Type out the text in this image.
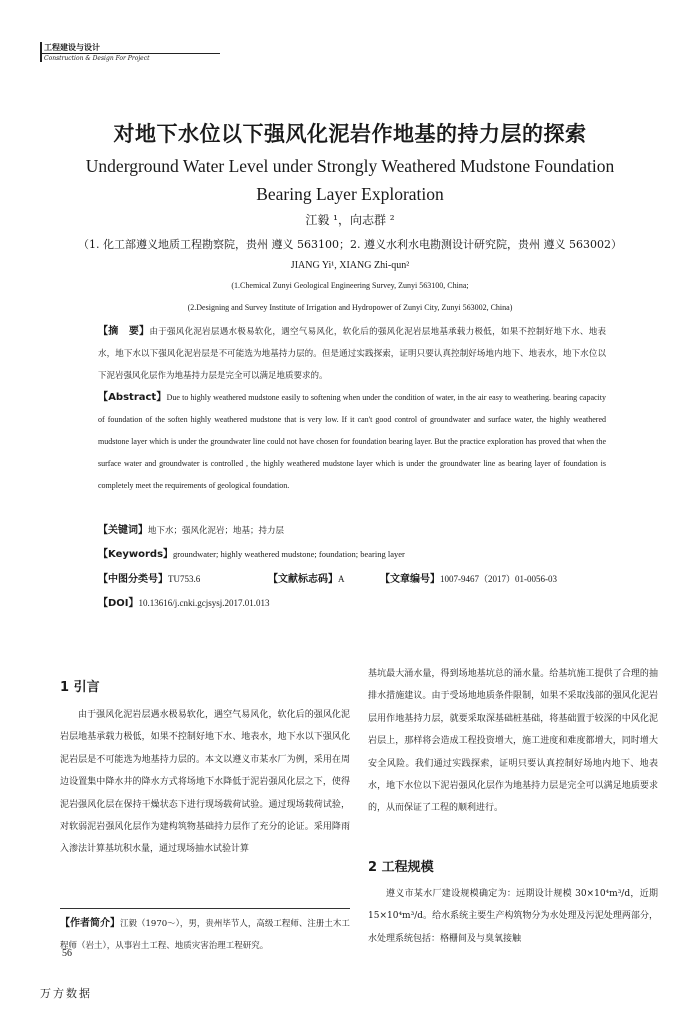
工程建设与设计
Construction & Design For Project
对地下水位以下强风化泥岩作地基的持力层的探索
Underground Water Level under Strongly Weathered Mudstone Foundation Bearing Layer Exploration
江毅 ¹，向志群 ²
（1. 化工部遵义地质工程勘察院，贵州 遵义 563100；2. 遵义水利水电勘测设计研究院，贵州 遵义 563002）
JIANG Yi¹, XIANG Zhi-qun²
(1.Chemical Zunyi Geological Engineering Survey, Zunyi 563100, China;
(2.Designing and Survey Institute of Irrigation and Hydropower of Zunyi City, Zunyi 563002, China)
【摘　要】由于强风化泥岩层遇水极易软化，遇空气易风化，软化后的强风化泥岩层地基承载力极低，如果不控制好地下水、地表水，地下水以下强风化泥岩层是不可能选为地基持力层的。但是通过实践探索，证明只要认真控制好场地内地下、地表水，地下水位以下泥岩强风化层作为地基持力层是完全可以满足地质要求的。
【Abstract】Due to highly weathered mudstone easily to softening when under the condition of water, in the air easy to weathering. bearing capacity of foundation of the soften highly weathered mudstone that is very low. If it can't good control of groundwater and surface water, the highly weathered mudstone layer which is under the groundwater line could not have chosen for foundation bearing layer. But the practice exploration has proved that when the surface water and groundwater is controlled , the highly weathered mudstone layer which is under the groundwater line as bearing layer of foundation is completely meet the requirements of geological foundation.
【关键词】地下水；强风化泥岩；地基；持力层
【Keywords】groundwater; highly weathered mudstone; foundation; bearing layer
【中图分类号】TU753.6	【文献标志码】A	【文章编号】1007-9467（2017）01-0056-03
【DOI】10.13616/j.cnki.gcjsysj.2017.01.013
1 引言
由于强风化泥岩层遇水极易软化，遇空气易风化，软化后的强风化泥岩层地基承载力极低，如果不控制好地下水、地表水，地下水以下强风化泥岩层是不可能选为地基持力层的。本文以遵义市某水厂为例，采用在周边设置集中降水井的降水方式将场地下水降低于泥岩强风化层之下，使得泥岩强风化层在保持干燥状态下进行现场载荷试验。通过现场载荷试验，对软弱泥岩强风化层作为建构筑物基础持力层作了充分的论证。采用降雨入渗法计算基坑积水量，通过现场抽水试验计算
【作者简介】江毅（1970～），男，贵州毕节人，高级工程师、注册土木工程师（岩土），从事岩土工程、地质灾害治理工程研究。
基坑最大涌水量，得到场地基坑总的涌水量。给基坑施工提供了合理的抽排水措施建议。由于受场地地质条件限制，如果不采取浅部的强风化泥岩层用作地基持力层，就要采取深基础桩基础，将基础置于较深的中风化泥岩层上，那样将会造成工程投资增大，施工进度和难度都增大，同时增大安全风险。我们通过实践探索，证明只要认真控制好场地内地下、地表水，地下水位以下泥岩强风化层作为地基持力层是完全可以满足地质要求的，从而保证了工程的顺利进行。
2 工程规模
遵义市某水厂建设规模确定为：远期设计规模 30×10⁴m³/d，近期 15×10⁴m³/d。给水系统主要生产构筑物分为水处理及污泥处理两部分，水处理系统包括：格栅间及与臭氧接触
56
万方数据
